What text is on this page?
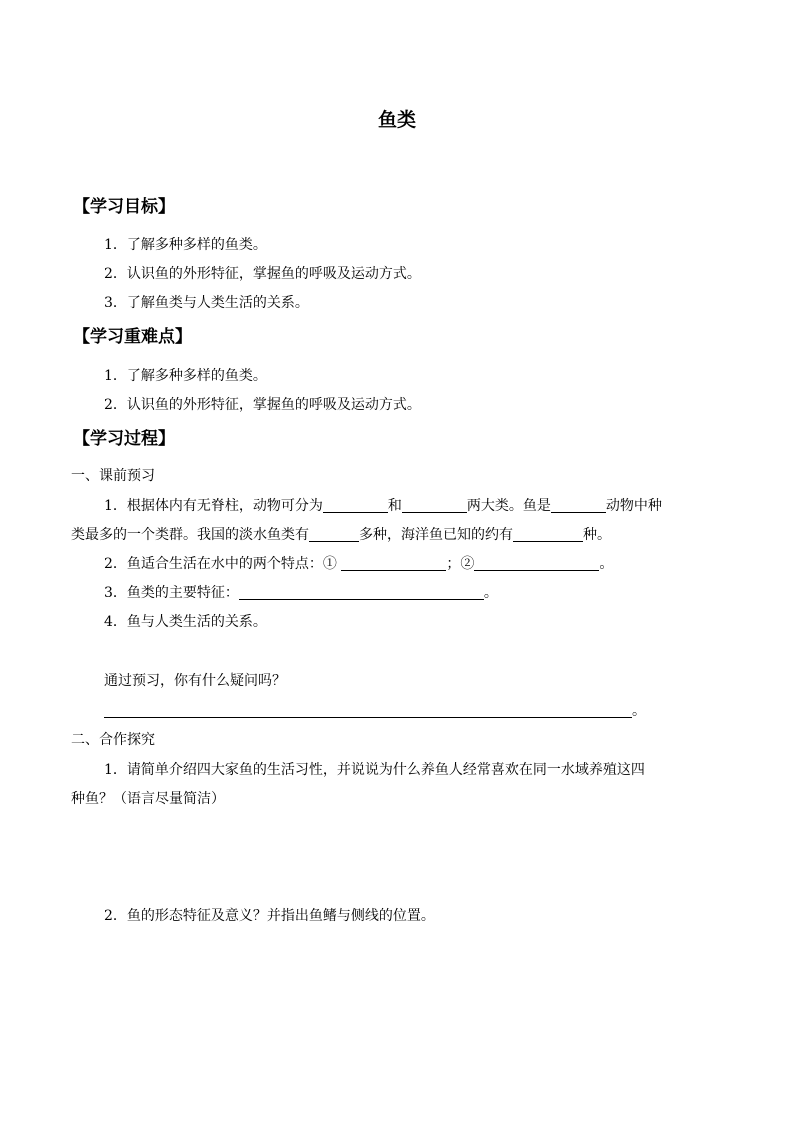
鱼类
【学习目标】
1．了解多种多样的鱼类。
2．认识鱼的外形特征，掌握鱼的呼吸及运动方式。
3．了解鱼类与人类生活的关系。
【学习重难点】
1．了解多种多样的鱼类。
2．认识鱼的外形特征，掌握鱼的呼吸及运动方式。
【学习过程】
一、课前预习
1．根据体内有无脊柱，动物可分为	和	两大类。鱼是	动物中种
类最多的一个类群。我国的淡水鱼类有	多种，海洋鱼已知的约有	种。
2．鱼适合生活在水中的两个特点：①	；②	。
3．鱼类的主要特征：	。
4．鱼与人类生活的关系。
通过预习，你有什么疑问吗？
。
二、合作探究
1．请简单介绍四大家鱼的生活习性，并说说为什么养鱼人经常喜欢在同一水域养殖这四
种鱼？（语言尽量简洁）
2．鱼的形态特征及意义？并指出鱼鳍与侧线的位置。
